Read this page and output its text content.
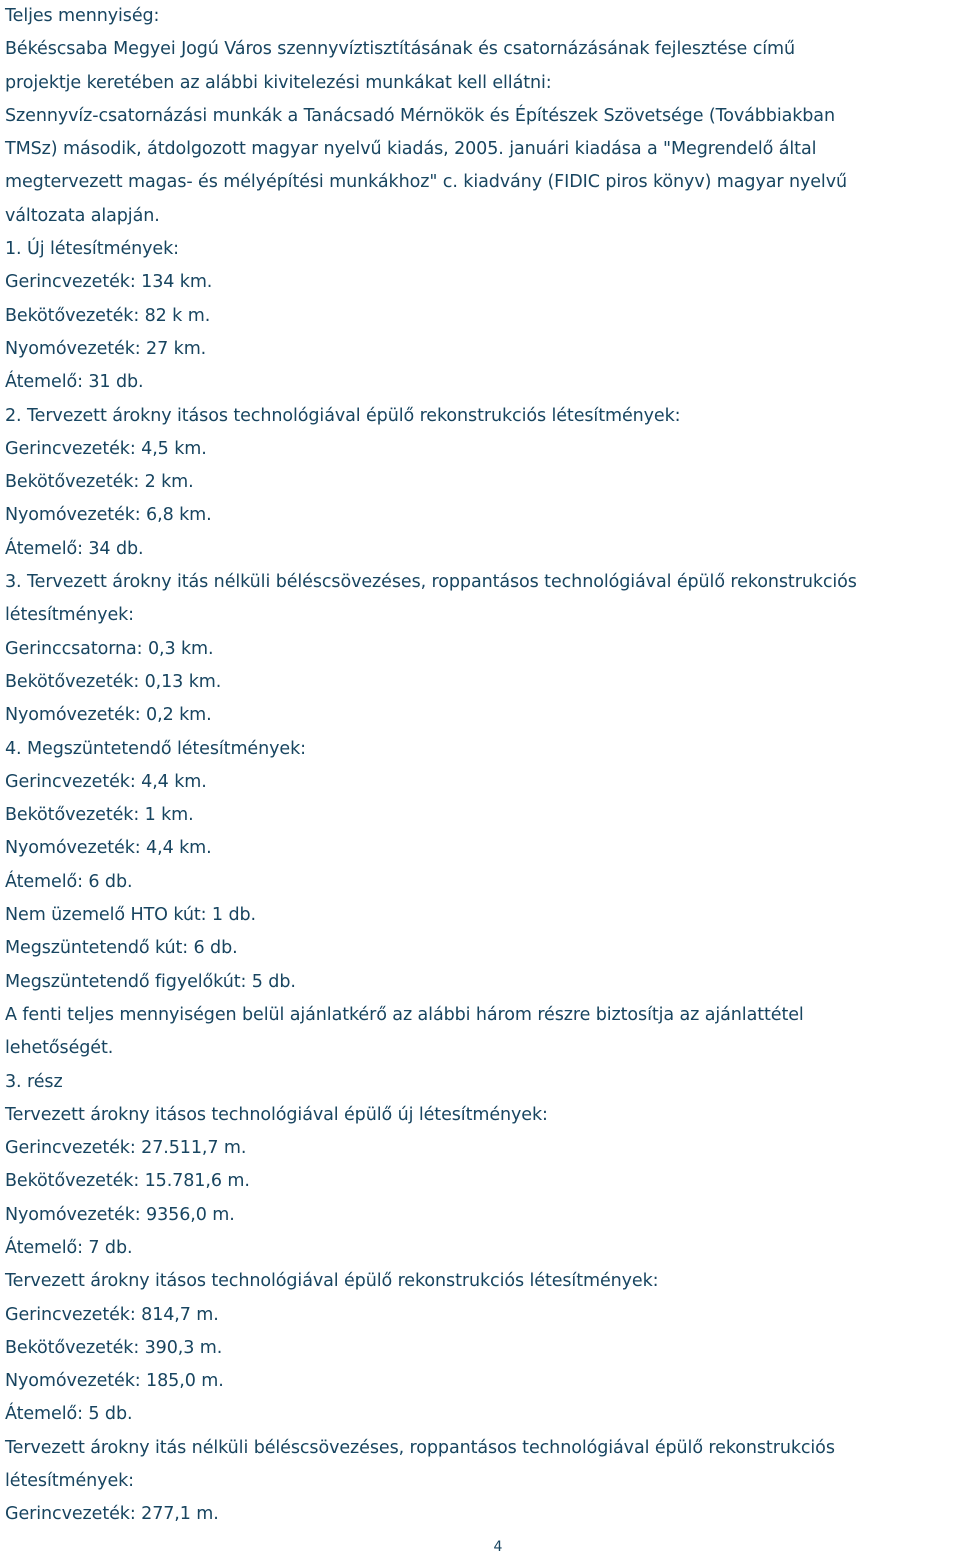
Teljes mennyiség:
Békéscsaba Megyei Jogú Város szennyvíztisztításának és csatornázásának fejlesztése című
projektje keretében az alábbi kivitelezési munkákat kell ellátni:
Szennyvíz-csatornázási munkák a Tanácsadó Mérnökök és Építészek Szövetsége (Továbbiakban
TMSz) második, átdolgozott magyar nyelvű kiadás, 2005. januári kiadása a "Megrendelő által
megtervezett magas- és mélyépítési munkákhoz" c. kiadvány (FIDIC piros könyv) magyar nyelvű
változata alapján.
1. Új létesítmények:
Gerincvezeték: 134 km.
Bekötővezeték: 82 k m.
Nyomóvezeték: 27 km.
Átemelő: 31 db.
2. Tervezett árokny itásos technológiával épülő rekonstrukciós létesítmények:
Gerincvezeték: 4,5 km.
Bekötővezeték: 2 km.
Nyomóvezeték: 6,8 km.
Átemelő: 34 db.
3. Tervezett árokny itás nélküli béléscsövezéses, roppantásos technológiával épülő rekonstrukciós
létesítmények:
Gerinccsatorna: 0,3 km.
Bekötővezeték: 0,13 km.
Nyomóvezeték: 0,2 km.
4. Megszüntetendő létesítmények:
Gerincvezeték: 4,4 km.
Bekötővezeték: 1 km.
Nyomóvezeték: 4,4 km.
Átemelő: 6 db.
Nem üzemelő HTO kút: 1 db.
Megszüntetendő kút: 6 db.
Megszüntetendő figyelőkút: 5 db.
A fenti teljes mennyiségen belül ajánlatkérő az alábbi három részre biztosítja az ajánlattétel
lehetőségét.
3. rész
Tervezett árokny itásos technológiával épülő új létesítmények:
Gerincvezeték: 27.511,7 m.
Bekötővezeték: 15.781,6 m.
Nyomóvezeték: 9356,0 m.
Átemelő: 7 db.
Tervezett árokny itásos technológiával épülő rekonstrukciós létesítmények:
Gerincvezeték: 814,7 m.
Bekötővezeték: 390,3 m.
Nyomóvezeték: 185,0 m.
Átemelő: 5 db.
Tervezett árokny itás nélküli béléscsövezéses, roppantásos technológiával épülő rekonstrukciós
létesítmények:
Gerincvezeték: 277,1 m.
4
